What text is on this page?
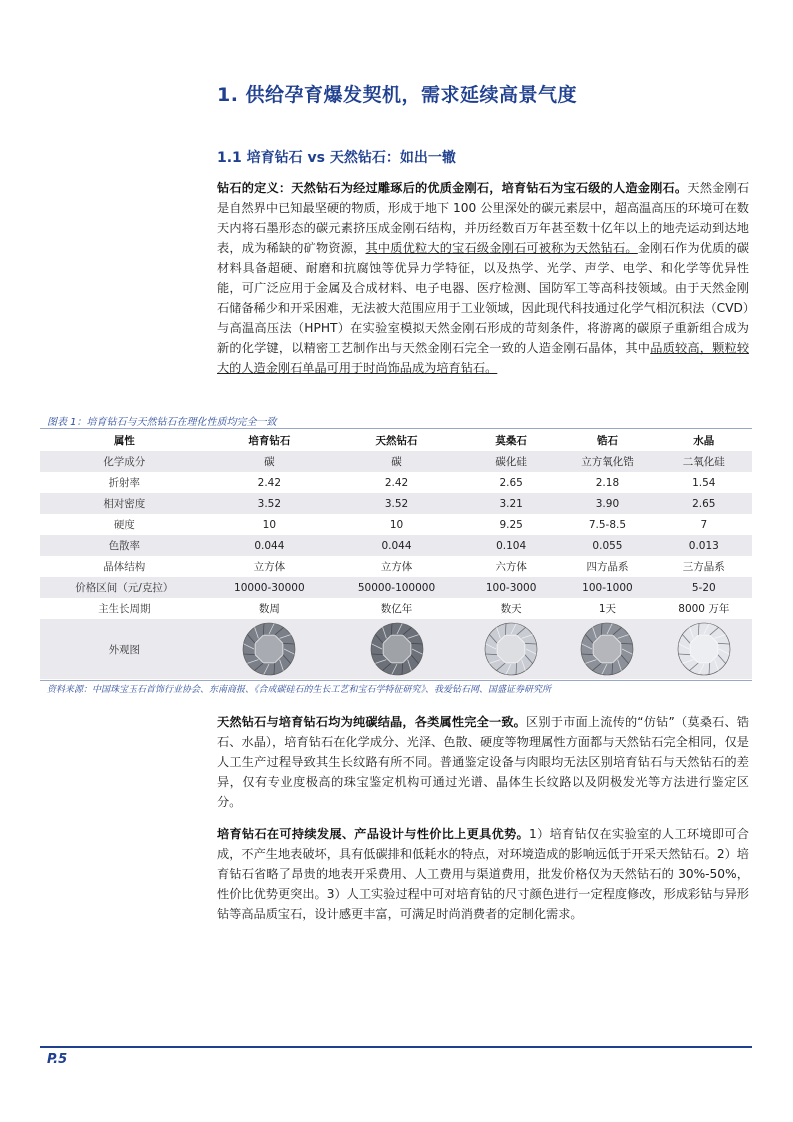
1. 供给孕育爆发契机，需求延续高景气度
1.1 培育钻石 vs 天然钻石：如出一辙
钻石的定义：天然钻石为经过雕琢后的优质金刚石，培育钻石为宝石级的人造金刚石。天然金刚石是自然界中已知最坚硬的物质，形成于地下 100 公里深处的碳元素层中，超高温高压的环境可在数天内将石墨形态的碳元素挤压成金刚石结构，并历经数百万年甚至数十亿年以上的地壳运动到达地表，成为稀缺的矿物资源，其中质优粒大的宝石级金刚石可被称为天然钻石。金刚石作为优质的碳材料具备超硬、耐磨和抗腐蚀等优异力学特征，以及热学、光学、声学、电学、和化学等优异性能，可广泛应用于金属及合成材料、电子电器、医疗检测、国防军工等高科技领域。由于天然金刚石储备稀少和开采困难，无法被大范围应用于工业领域，因此现代科技通过化学气相沉积法（CVD）与高温高压法（HPHT）在实验室模拟天然金刚石形成的苛刻条件，将游离的碳原子重新组合成为新的化学键，以精密工艺制作出与天然金刚石完全一致的人造金刚石晶体，其中品质较高，颗粒较大的人造金刚石单晶可用于时尚饰品成为培育钻石。
图表 1：培育钻石与天然钻石在理化性质均完全一致
属性	培育钻石	天然钻石	莫桑石	锆石	水晶
化学成分	碳	碳	碳化硅	立方氧化锆	二氧化硅
折射率	2.42	2.42	2.65	2.18	1.54
相对密度	3.52	3.52	3.21	3.90	2.65
硬度	10	10	9.25	7.5-8.5	7
色散率	0.044	0.044	0.104	0.055	0.013
晶体结构	立方体	立方体	六方体	四方晶系	三方晶系
价格区间（元/克拉）	10000-30000	50000-100000	100-3000	100-1000	5-20
主生长周期	数周	数亿年	数天	1天	8000 万年
外观图					
资料来源：中国珠宝玉石首饰行业协会、东南商报、《合成碳硅石的生长工艺和宝石学特征研究》、我爱钻石网、国盛证券研究所
天然钻石与培育钻石均为纯碳结晶，各类属性完全一致。区别于市面上流传的“仿钻”（莫桑石、锆石、水晶），培育钻石在化学成分、光泽、色散、硬度等物理属性方面都与天然钻石完全相同，仅是人工生产过程导致其生长纹路有所不同。普通鉴定设备与肉眼均无法区别培育钻石与天然钻石的差异，仅有专业度极高的珠宝鉴定机构可通过光谱、晶体生长纹路以及阴极发光等方法进行鉴定区分。
培育钻石在可持续发展、产品设计与性价比上更具优势。1）培育钻仅在实验室的人工环境即可合成，不产生地表破坏，具有低碳排和低耗水的特点，对环境造成的影响远低于开采天然钻石。2）培育钻石省略了昂贵的地表开采费用、人工费用与渠道费用，批发价格仅为天然钻石的 30%-50%，性价比优势更突出。3）人工实验过程中可对培育钻的尺寸颜色进行一定程度修改，形成彩钻与异形钻等高品质宝石，设计感更丰富，可满足时尚消费者的定制化需求。
P.5
